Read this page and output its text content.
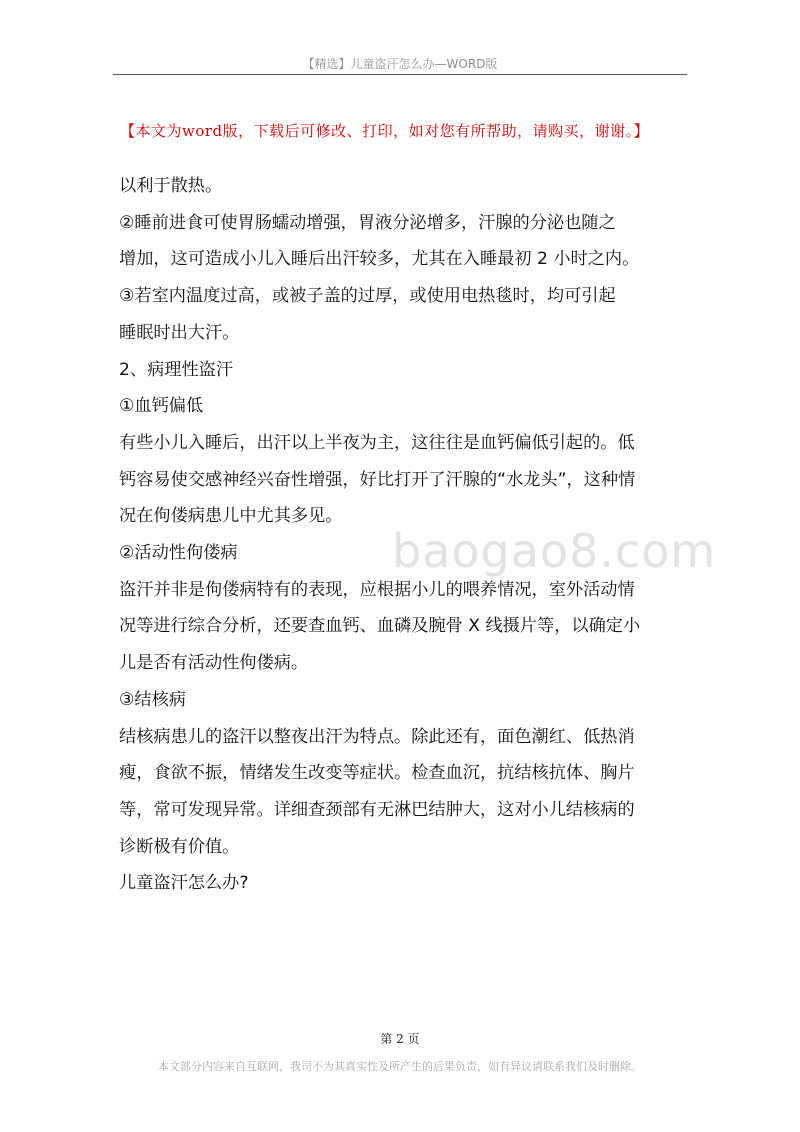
【精选】儿童盗汗怎么办—WORD版
【本文为word版，下载后可修改、打印，如对您有所帮助，请购买，谢谢。】

以利于散热。

②睡前进食可使胃肠蠕动增强，胃液分泌增多，汗腺的分泌也随之

增加，这可造成小儿入睡后出汗较多，尤其在入睡最初 2 小时之内。

③若室内温度过高，或被子盖的过厚，或使用电热毯时，均可引起

睡眠时出大汗。

2、病理性盗汗

①血钙偏低

有些小儿入睡后，出汗以上半夜为主，这往往是血钙偏低引起的。低

钙容易使交感神经兴奋性增强，好比打开了汗腺的“水龙头”，这种情

况在佝偻病患儿中尤其多见。

②活动性佝偻病

盗汗并非是佝偻病特有的表现，应根据小儿的喂养情况，室外活动情

况等进行综合分析，还要查血钙、血磷及腕骨 X 线摄片等，以确定小

儿是否有活动性佝偻病。

③结核病

结核病患儿的盗汗以整夜出汗为特点。除此还有，面色潮红、低热消

瘦，食欲不振，情绪发生改变等症状。检查血沉，抗结核抗体、胸片

等，常可发现异常。详细查颈部有无淋巴结肿大，这对小儿结核病的

诊断极有价值。

儿童盗汗怎么办?

baogao8.com
第 2 页
本文部分内容来自互联网，我司不为其真实性及所产生的后果负责，如有异议请联系我们及时删除。
